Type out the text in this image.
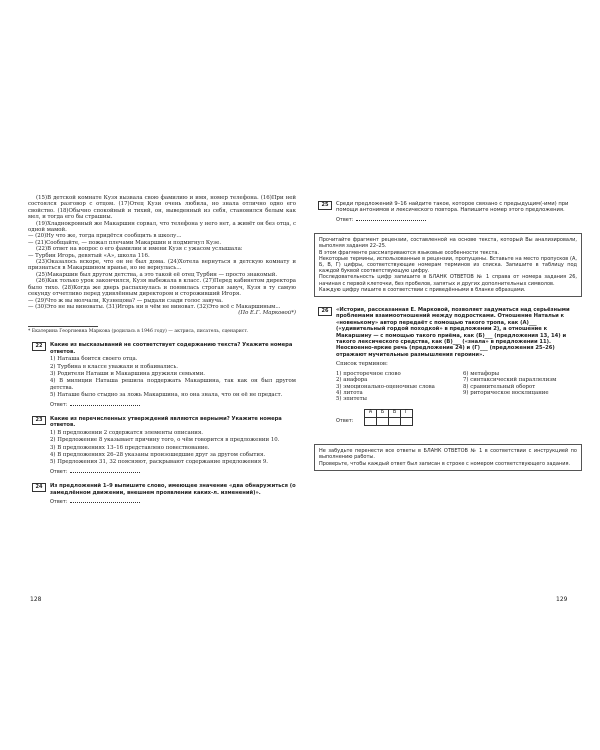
(15)В детской комнате Кузя вызвала свою фамилию и имя, номер телефона. (16)При ней состоялся разговор с отцом. (17)Отец Кузи очень любила, но знала отлично одно его свойство. (18)Обычно спокойный и тихий, он, выведенный из себя, становился белым как мел, и тогда его бы страшны.

(19)Хладнокровный же Макаршин сорвал, что телефона у него нет, а живёт он без отца, с одной мамой.

— (20)Ну что же, тогда придётся сообщить в школу...

— (21)Сообщайте, — пожал плечами Макаршин и подмигнул Кузе.

(22)В ответ на вопрос о его фамилии и имени Кузя с ужасом услышала:

— Турбин Игорь, девятый «А», школа 116.

(23)Оказалось вскоре, что он не был дома. (24)Хотела вернуться в детскую комнату и признаться в Макаршином вранье, но не вернулась...

(25)Макаршин был другом детства, а это такой её отец Турбин — просто знакомый.

(26)Как только урок закончился, Кузя выбежала в класс. (27)Перед кабинетом директора было тихо. (28)Когда же дверь распахнулась и появилась строгая завуч, Кузя в ту самую секунду отчетливо перед удивлённым директором и стороживший Игоря.

— (29)Что ж вы молчали, Кузнецова? — рыдали сзади голос завуча.

— (30)Это не вы виноваты. (31)Игорь ни в чём не виноват. (32)Это всё с Макаршиным...

(По Е.Г. Марковой*)

* Екатерина Георгиевна Маркова (родилась в 1946 году) — актриса, писатель, сценарист.

22	Какие из высказываний не соответствует содержанию текста? Укажите номера ответов.

1) Наташа боится своего отца.

2) Турбина в классе уважали и побаивались.

3) Родители Наташи и Макаршина дружили семьями.

4) В милиции Наташа решила поддержать Макаршина, так как он был другом детства.

5) Наташе было стыдно за ложь Макаршина, но она знала, что он её не предаст.

Ответ:
23	Какие из перечисленных утверждений являются верными? Укажите номера ответов.

1) В предложении 2 содержатся элементы описания.

2) Предложение 8 указывает причину того, о чём говорится в предложении 10.

3) В предложениях 13–16 представлено повествование.

4) В предложениях 26–28 указаны произошедшие друг за другом события.

5) Предложения 31, 32 поясняют, раскрывают содержание предложения 9.

Ответ:
24	Из предложений 1–9 выпишите слово, имеющее значение «два обнаружиться (о замедлённом движении, внешнем проявлении каких-л. изменений)».
Ответ:
128
25	Среди предложений 9–16 найдите такое, которое связано с предыдущим(-ими) при помощи антонимов и лексического повтора. Напишите номер этого предложения.
Ответ:

Прочитайте фрагмент рецензии, составленной на основе текста, который Вы анализировали, выполняя задания 22–25.

В этом фрагменте рассматриваются языковые особенности текста.

Некоторые термины, использованные в рецензии, пропущены. Вставьте на место пропусков (А, Б, В, Г) цифры, соответствующие номерам терминов из списка. Запишите в таблицу под каждой буквой соответствующую цифру.

Последовательность цифр запишите в БЛАНК ОТВЕТОВ № 1 справа от номера задания 26, начиная с первой клеточки, без пробелов, запятых и других дополнительных символов.

Каждую цифру пишите в соответствии с приведёнными в бланке образцами.

26	«История, рассказанная Е. Марковой, позволяет задуматься над серьёзными проблемами взаимоотношений между подростками. Отношение Натальи к «новенькому» автор передаёт с помощью такого тропа, как (А)___ («удивительный гордой походкой» в предложении 2), а отношение к Макаршину — с помощью такого приёма, как (Б)___ (предложения 13, 14) и такого лексического средства, как (В)___ («знала» в предложении 11). Неосвоенно-яркие речь (предложение 24) и (Г)___ (предложения 25–26) отражают мучительные размышления героини».

Список терминов:

1) просторечное слово	6) метафоры
2) анафора	7) синтаксический параллелизм
3) эмоционально-оценочные слова	8) сравнительный оборот
4) литота	9) риторическое восклицание
5) эпитеты
А	Б	В	Г

Ответ:

Не забудьте перенести все ответы в БЛАНК ОТВЕТОВ № 1 в соответствии с инструкцией по выполнению работы.

Проверьте, чтобы каждый ответ был записан в строке с номером соответствующего задания.

129
